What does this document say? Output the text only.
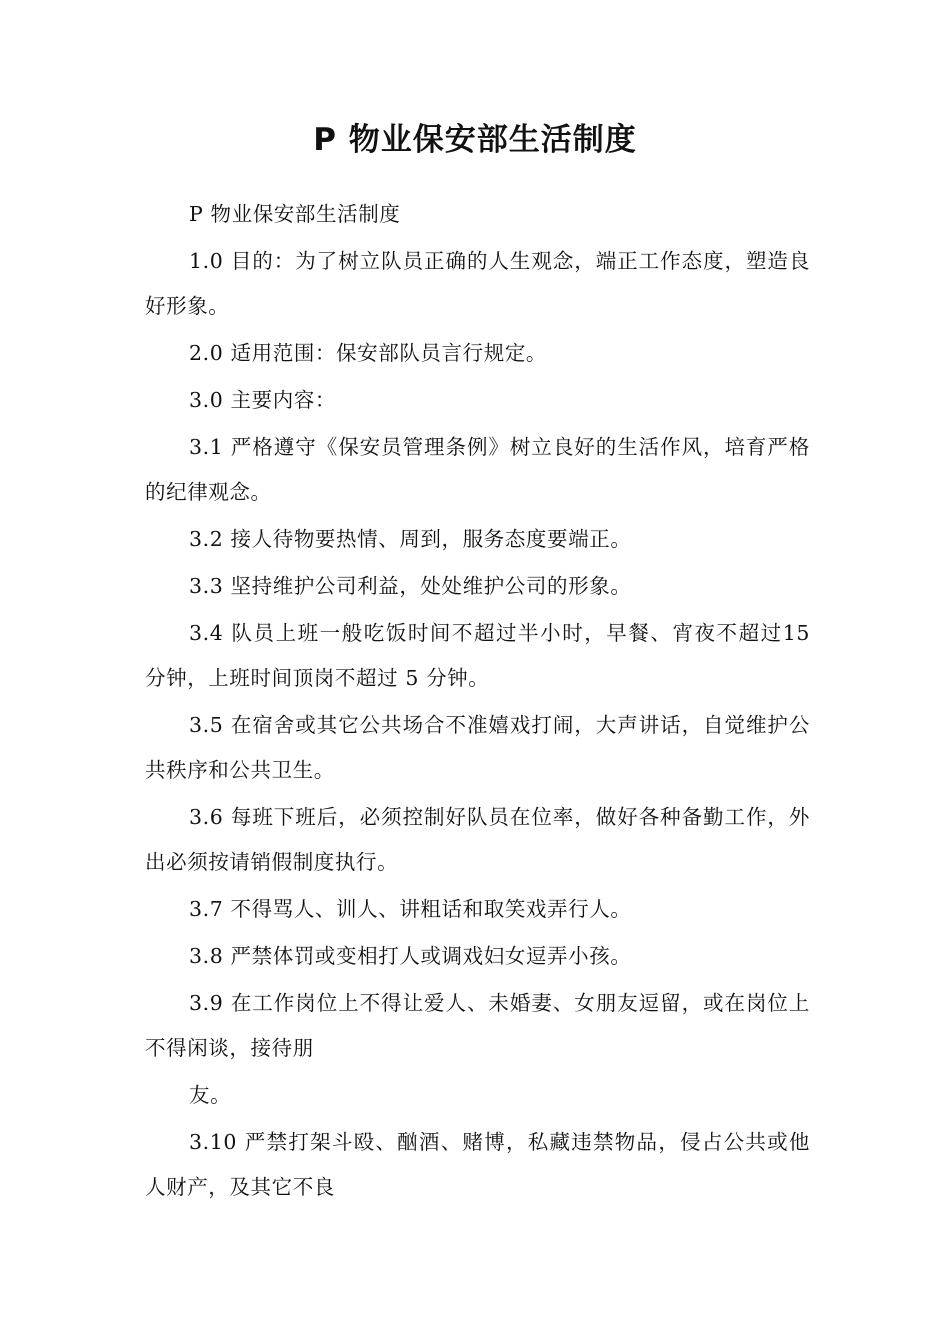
P 物业保安部生活制度

P 物业保安部生活制度

1.0 目的：为了树立队员正确的人生观念，端正工作态度，塑造良好形象。

2.0 适用范围：保安部队员言行规定。

3.0 主要内容：

3.1 严格遵守《保安员管理条例》树立良好的生活作风，培育严格的纪律观念。

3.2 接人待物要热情、周到，服务态度要端正。

3.3 坚持维护公司利益，处处维护公司的形象。

3.4 队员上班一般吃饭时间不超过半小时，早餐、宵夜不超过15 分钟，上班时间顶岗不超过 5 分钟。

3.5 在宿舍或其它公共场合不准嬉戏打闹，大声讲话，自觉维护公共秩序和公共卫生。

3.6 每班下班后，必须控制好队员在位率，做好各种备勤工作，外出必须按请销假制度执行。

3.7 不得骂人、训人、讲粗话和取笑戏弄行人。

3.8 严禁体罚或变相打人或调戏妇女逗弄小孩。

3.9 在工作岗位上不得让爱人、未婚妻、女朋友逗留，或在岗位上不得闲谈，接待朋

友。

3.10 严禁打架斗殴、酗酒、赌博，私藏违禁物品，侵占公共或他人财产，及其它不良
